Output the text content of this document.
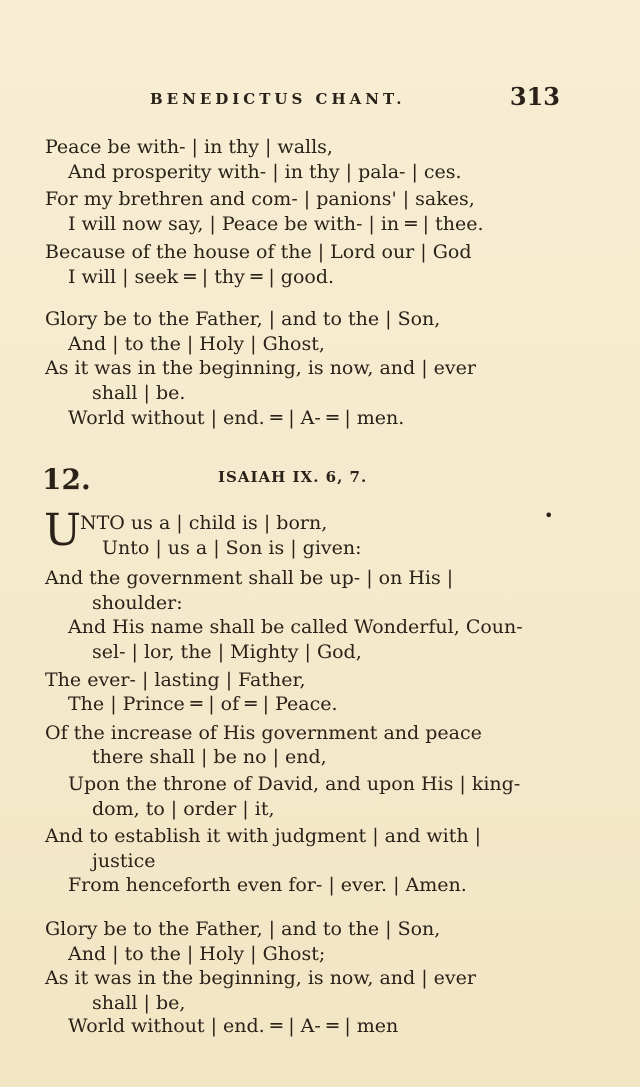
BENEDICTUS CHANT.	313
Peace be with- | in thy | walls,
And prosperity with- | in thy | pala- | ces.
For my brethren and com- | panions' | sakes,
I will now say, | Peace be with- | in ═ | thee.
Because of the house of the | Lord our | God
I will | seek ═ | thy ═ | good.
Glory be to the Father, | and to the | Son,
And | to the | Holy | Ghost,
As it was in the beginning, is now, and | ever
shall | be.
World without | end. ═ | A- ═ | men.
12.	ISAIAH IX. 6, 7.
U	•
NTO us a | child is | born,
Unto | us a | Son is | given:
And the government shall be up- | on His |
shoulder:
And His name shall be called Wonderful, Coun-
sel- | lor, the | Mighty | God,
The ever- | lasting | Father,
The | Prince ═ | of ═ | Peace.
Of the increase of His government and peace
there shall | be no | end,
Upon the throne of David, and upon His | king-
dom, to | order | it,
And to establish it with judgment | and with |
justice
From henceforth even for- | ever. | Amen.
Glory be to the Father, | and to the | Son,
And | to the | Holy | Ghost;
As it was in the beginning, is now, and | ever
shall | be,
World without | end. ═ | A- ═ | men
